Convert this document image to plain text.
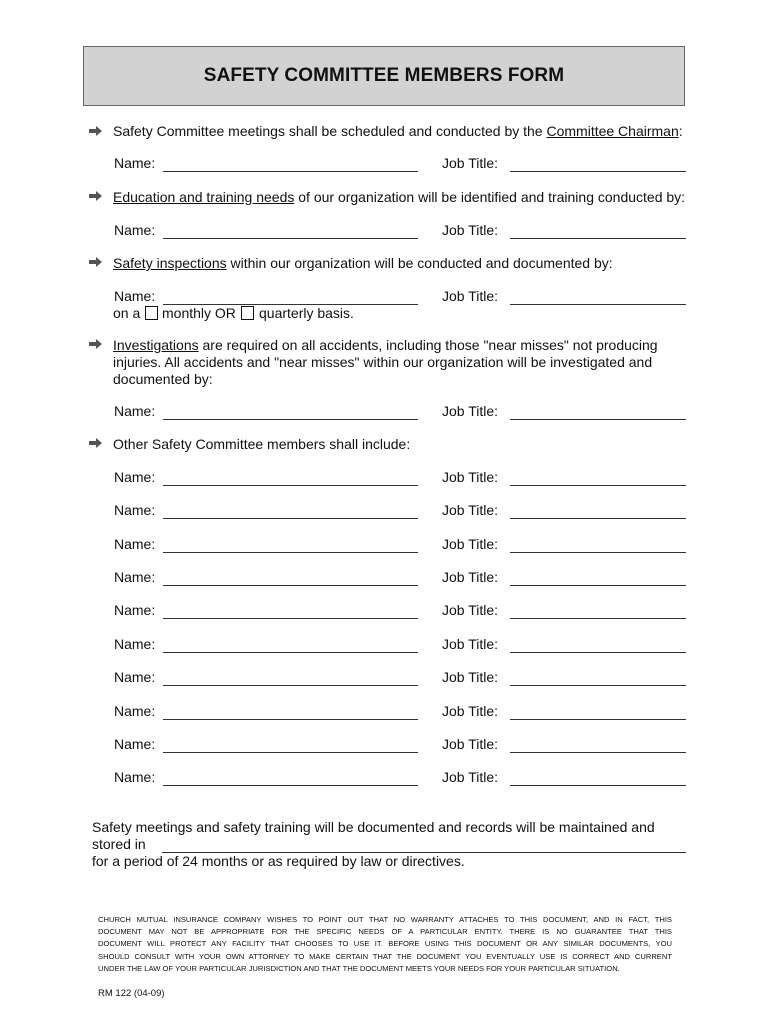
SAFETY COMMITTEE MEMBERS FORM
Safety Committee meetings shall be scheduled and conducted by the Committee Chairman:
Education and training needs of our organization will be identified and training conducted by:
Safety inspections within our organization will be conducted and documented by:
on a monthly OR quarterly basis.
Investigations are required on all accidents, including those "near misses" not producing
injuries. All accidents and "near misses" within our organization will be investigated and
documented by:
Other Safety Committee members shall include:
Name:	Job Title:
Name:	Job Title:
Name:	Job Title:
Name:	Job Title:
Name:	Job Title:
Name:	Job Title:
Name:	Job Title:
Name:	Job Title:
Name:	Job Title:
Name:	Job Title:
Name:	Job Title:
Name:	Job Title:
Name:	Job Title:
Name:	Job Title:
Safety meetings and safety training will be documented and records will be maintained and
stored in
for a period of 24 months or as required by law or directives.
CHURCH MUTUAL INSURANCE COMPANY WISHES TO POINT OUT THAT NO WARRANTY ATTACHES TO THIS DOCUMENT, AND IN FACT, THIS
DOCUMENT MAY NOT BE APPROPRIATE FOR THE SPECIFIC NEEDS OF A PARTICULAR ENTITY. THERE IS NO GUARANTEE THAT THIS
DOCUMENT WILL PROTECT ANY FACILITY THAT CHOOSES TO USE IT. BEFORE USING THIS DOCUMENT OR ANY SIMILAR DOCUMENTS, YOU
SHOULD CONSULT WITH YOUR OWN ATTORNEY TO MAKE CERTAIN THAT THE DOCUMENT YOU EVENTUALLY USE IS CORRECT AND CURRENT
UNDER THE LAW OF YOUR PARTICULAR JURISDICTION AND THAT THE DOCUMENT MEETS YOUR NEEDS FOR YOUR PARTICULAR SITUATION.
RM 122 (04-09)
